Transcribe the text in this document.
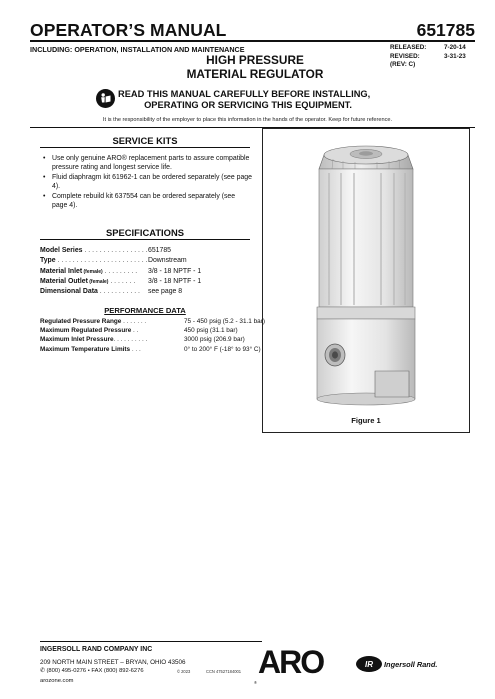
OPERATOR’S MANUAL	651785
INCLUDING: OPERATION, INSTALLATION AND MAINTENANCE
HIGH PRESSURE
MATERIAL REGULATOR
RELEASED:	7-20-14
REVISED:	3-31-23
(REV: C)
READ THIS MANUAL CAREFULLY BEFORE INSTALLING,
OPERATING OR SERVICING THIS EQUIPMENT.
It is the responsibility of the employer to place this information in the hands of the operator. Keep for future reference.
SERVICE KITS
• Use only genuine ARO® replacement parts to assure compatible pressure rating and longest service life.
• Fluid diaphragm kit 61962-1 can be ordered separately (see page 4).
• Complete rebuild kit 637554 can be ordered separately (see page 4).
SPECIFICATIONS
Model Series . . . . . . . . . . . . . . . . . 651785
Type . . . . . . . . . . . . . . . . . . . . . . . . Downstream
Material Inlet (female) . . . . . . . . .	3/8 - 18 NPTF - 1
Material Outlet (female) . . . . . . .	3/8 - 18 NPTF - 1
Dimensional Data . . . . . . . . . . .	see page 8
PERFORMANCE DATA
Regulated Pressure Range . . . . . . .	75 - 450 psig (5.2 - 31.1 bar)
Maximum Regulated Pressure . .	450 psig (31.1 bar)
Maximum Inlet Pressure. . . . . . . . . .	3000 psig (206.9 bar)
Maximum Temperature Limits . . .	0° to 200° F (-18° to 93° C)
Figure 1
INGERSOLL RAND COMPANY INC
209 NORTH MAIN STREET – BRYAN, OHIO 43506
✆ (800) 495-0276 • FAX (800) 892-6276	© 2023	CCN 47527184001
arozone.com
ARO
®
IR	Ingersoll Rand.
